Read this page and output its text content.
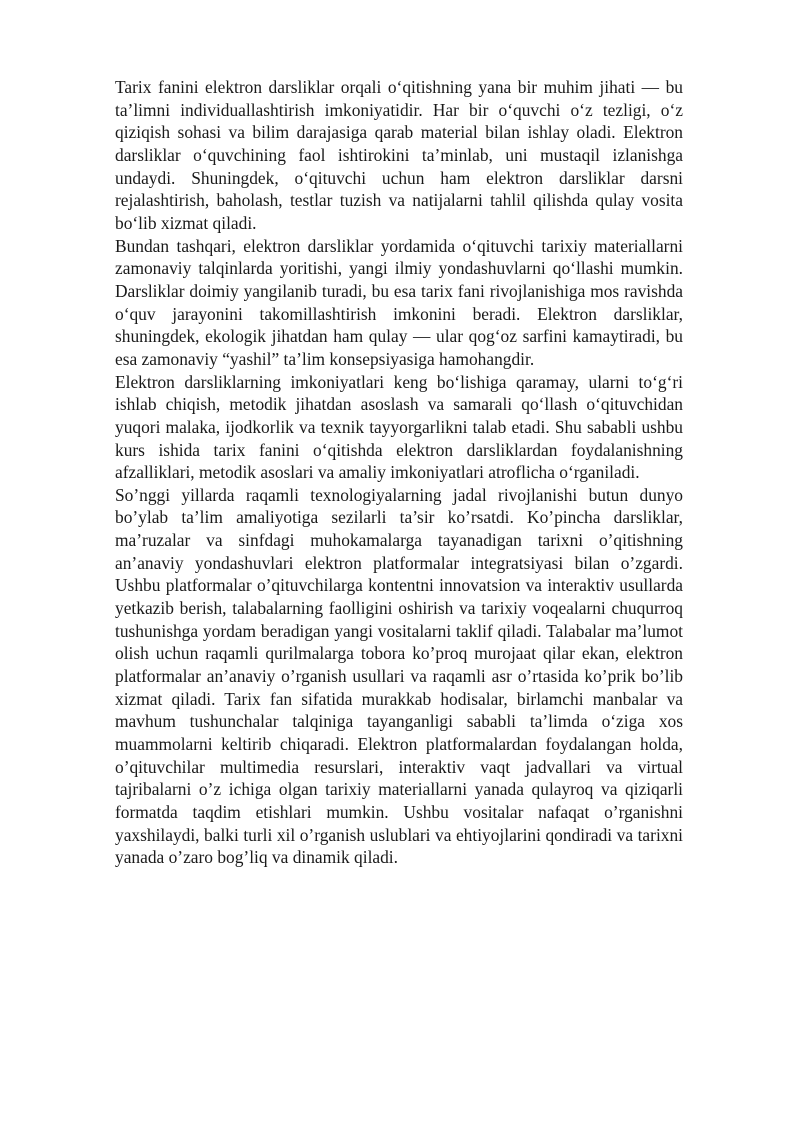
Tarix fanini elektron darsliklar orqali o‘qitishning yana bir muhim jihati — bu ta’limni individuallashtirish imkoniyatidir. Har bir o‘quvchi o‘z tezligi, o‘z qiziqish sohasi va bilim darajasiga qarab material bilan ishlay oladi. Elektron darsliklar o‘quvchining faol ishtirokini ta’minlab, uni mustaqil izlanishga undaydi. Shuningdek, o‘qituvchi uchun ham elektron darsliklar darsni rejalashtirish, baholash, testlar tuzish va natijalarni tahlil qilishda qulay vosita bo‘lib xizmat qiladi.

Bundan tashqari, elektron darsliklar yordamida o‘qituvchi tarixiy materiallarni zamonaviy talqinlarda yoritishi, yangi ilmiy yondashuvlarni qo‘llashi mumkin. Darsliklar doimiy yangilanib turadi, bu esa tarix fani rivojlanishiga mos ravishda o‘quv jarayonini takomillashtirish imkonini beradi. Elektron darsliklar, shuningdek, ekologik jihatdan ham qulay — ular qog‘oz sarfini kamaytiradi, bu esa zamonaviy “yashil” ta’lim konsepsiyasiga hamohangdir.

Elektron darsliklarning imkoniyatlari keng bo‘lishiga qaramay, ularni to‘g‘ri ishlab chiqish, metodik jihatdan asoslash va samarali qo‘llash o‘qituvchidan yuqori malaka, ijodkorlik va texnik tayyorgarlikni talab etadi. Shu sababli ushbu kurs ishida tarix fanini o‘qitishda elektron darsliklardan foydalanishning afzalliklari, metodik asoslari va amaliy imkoniyatlari atroflicha o‘rganiladi.

So’nggi yillarda raqamli texnologiyalarning jadal rivojlanishi butun dunyo bo’ylab ta’lim amaliyotiga sezilarli ta’sir ko’rsatdi. Ko’pincha darsliklar, ma’ruzalar va sinfdagi muhokamalarga tayanadigan tarixni o’qitishning an’anaviy yondashuvlari elektron platformalar integratsiyasi bilan o’zgardi. Ushbu platformalar o’qituvchilarga kontentni innovatsion va interaktiv usullarda yetkazib berish, talabalarning faolligini oshirish va tarixiy voqealarni chuqurroq tushunishga yordam beradigan yangi vositalarni taklif qiladi. Talabalar ma’lumot olish uchun raqamli qurilmalarga tobora ko’proq murojaat qilar ekan, elektron platformalar an’anaviy o’rganish usullari va raqamli asr o’rtasida ko’prik bo’lib xizmat qiladi. Tarix fan sifatida murakkab hodisalar, birlamchi manbalar va mavhum tushunchalar talqiniga tayanganligi sababli ta’limda o‘ziga xos muammolarni keltirib chiqaradi. Elektron platformalardan foydalangan holda, o’qituvchilar multimedia resurslari, interaktiv vaqt jadvallari va virtual tajribalarni o’z ichiga olgan tarixiy materiallarni yanada qulayroq va qiziqarli formatda taqdim etishlari mumkin. Ushbu vositalar nafaqat o’rganishni yaxshilaydi, balki turli xil o’rganish uslublari va ehtiyojlarini qondiradi va tarixni yanada o’zaro bog’liq va dinamik qiladi.
